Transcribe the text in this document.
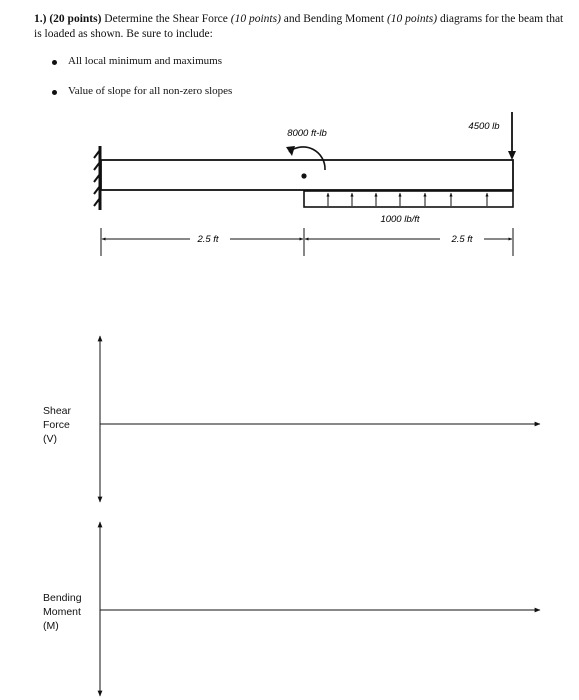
1.) (20 points) Determine the Shear Force (10 points) and Bending Moment (10 points) diagrams for the beam that is loaded as shown. Be sure to include:
All local minimum and maximums
Value of slope for all non-zero slopes
1000 lb/ft
8000 ft-lb
4500 lb
2.5 ft	2.5 ft
Shear
Force
(V)
Bending
Moment
(M)
